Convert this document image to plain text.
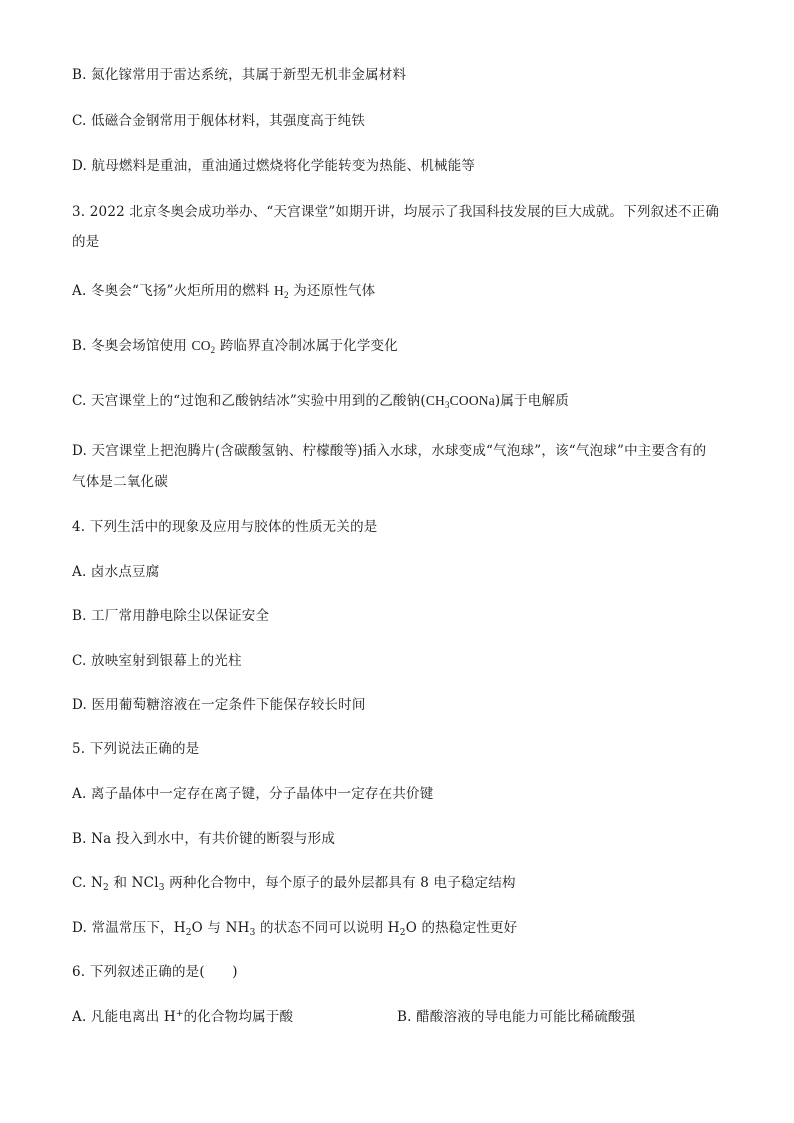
B. 氮化镓常用于雷达系统，其属于新型无机非金属材料
C. 低磁合金钢常用于舰体材料，其强度高于纯铁
D. 航母燃料是重油，重油通过燃烧将化学能转变为热能、机械能等
3. 2022 北京冬奥会成功举办、“天宫课堂”如期开讲，均展示了我国科技发展的巨大成就。下列叙述不正确
的是
A. 冬奥会“飞扬”火炬所用的燃料 $H_2$ 为还原性气体
B. 冬奥会场馆使用 $CO_2$ 跨临界直冷制冰属于化学变化
C. 天宫课堂上的“过饱和乙酸钠结冰”实验中用到的乙酸钠$(CH_3COONa)$属于电解质
D. 天宫课堂上把泡腾片(含碳酸氢钠、柠檬酸等)插入水球，水球变成“气泡球”，该“气泡球”中主要含有的
气体是二氧化碳
4. 下列生活中的现象及应用与胶体的性质无关的是
A. 卤水点豆腐
B. 工厂常用静电除尘以保证安全
C. 放映室射到银幕上的光柱
D. 医用葡萄糖溶液在一定条件下能保存较长时间
5. 下列说法正确的是
A. 离子晶体中一定存在离子键，分子晶体中一定存在共价键
B. Na 投入到水中，有共价键的断裂与形成
C. $N_2$ 和 NCl$_3$ 两种化合物中，每个原子的最外层都具有 8 电子稳定结构
D. 常温常压下，$H_2O$ 与 $NH_3$ 的状态不同可以说明 $H_2O$ 的热稳定性更好
6. 下列叙述正确的是(　　)
A. 凡能电离出 H+的化合物均属于酸	B. 醋酸溶液的导电能力可能比稀硫酸强
